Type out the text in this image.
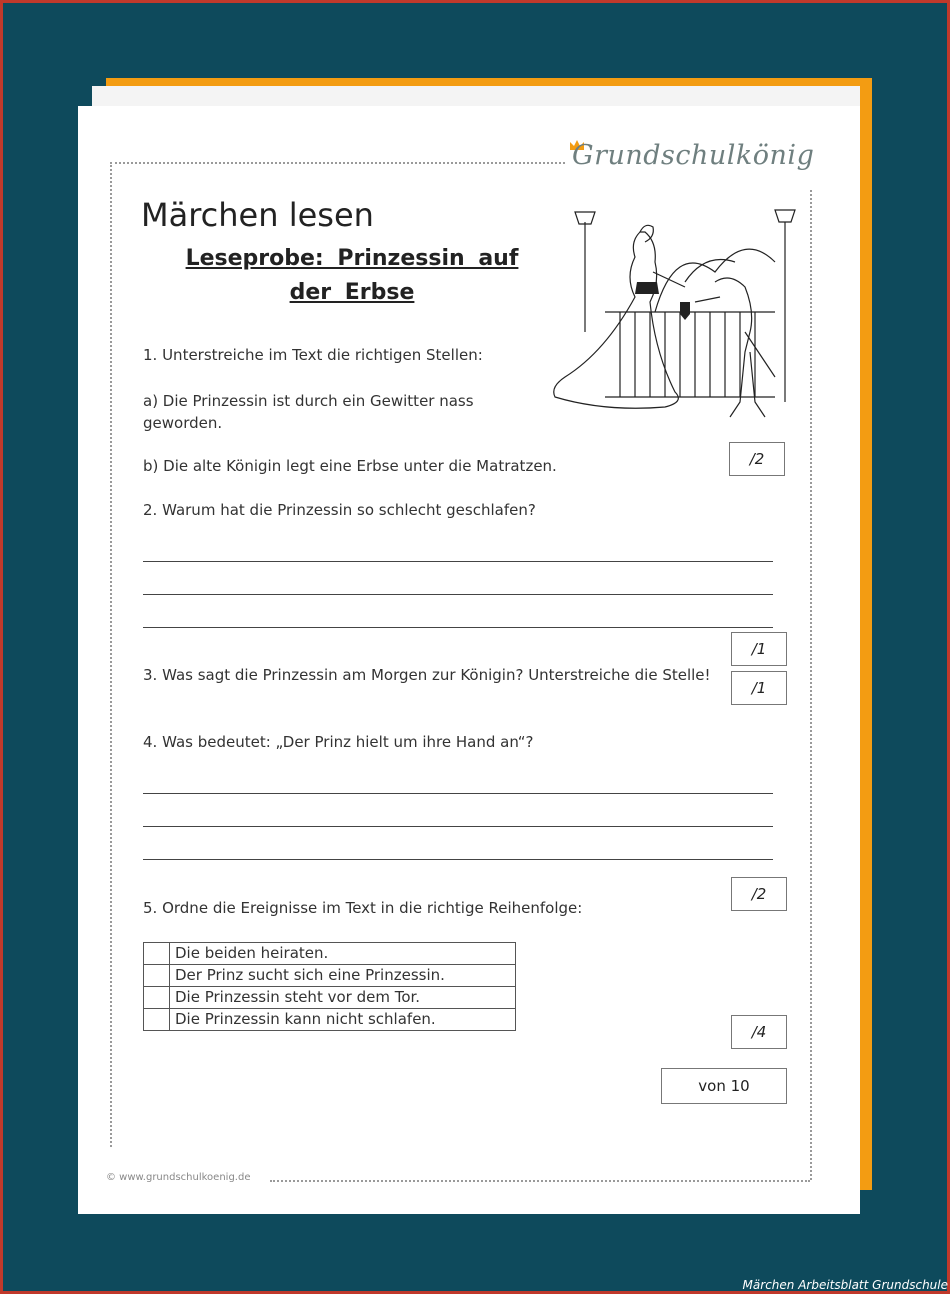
Grundschulkönig
Märchen lesen
Leseprobe: Prinzessin auf der Erbse
1. Unterstreiche im Text die richtigen Stellen:
a) Die Prinzessin ist durch ein Gewitter nass geworden.
b) Die alte Königin legt eine Erbse unter die Matratzen.	/2
2. Warum hat die Prinzessin so schlecht geschlafen?
/1
3. Was sagt die Prinzessin am Morgen zur Königin? Unterstreiche die Stelle!
/1
4. Was bedeutet: „Der Prinz hielt um ihre Hand an“?
/2
5. Ordne die Ereignisse im Text in die richtige Reihenfolge:
	Die beiden heiraten.
	Der Prinz sucht sich eine Prinzessin.
	Die Prinzessin steht vor dem Tor.
	Die Prinzessin kann nicht schlafen.
/4
von 10
© www.grundschulkoenig.de
Märchen Arbeitsblatt Grundschule
